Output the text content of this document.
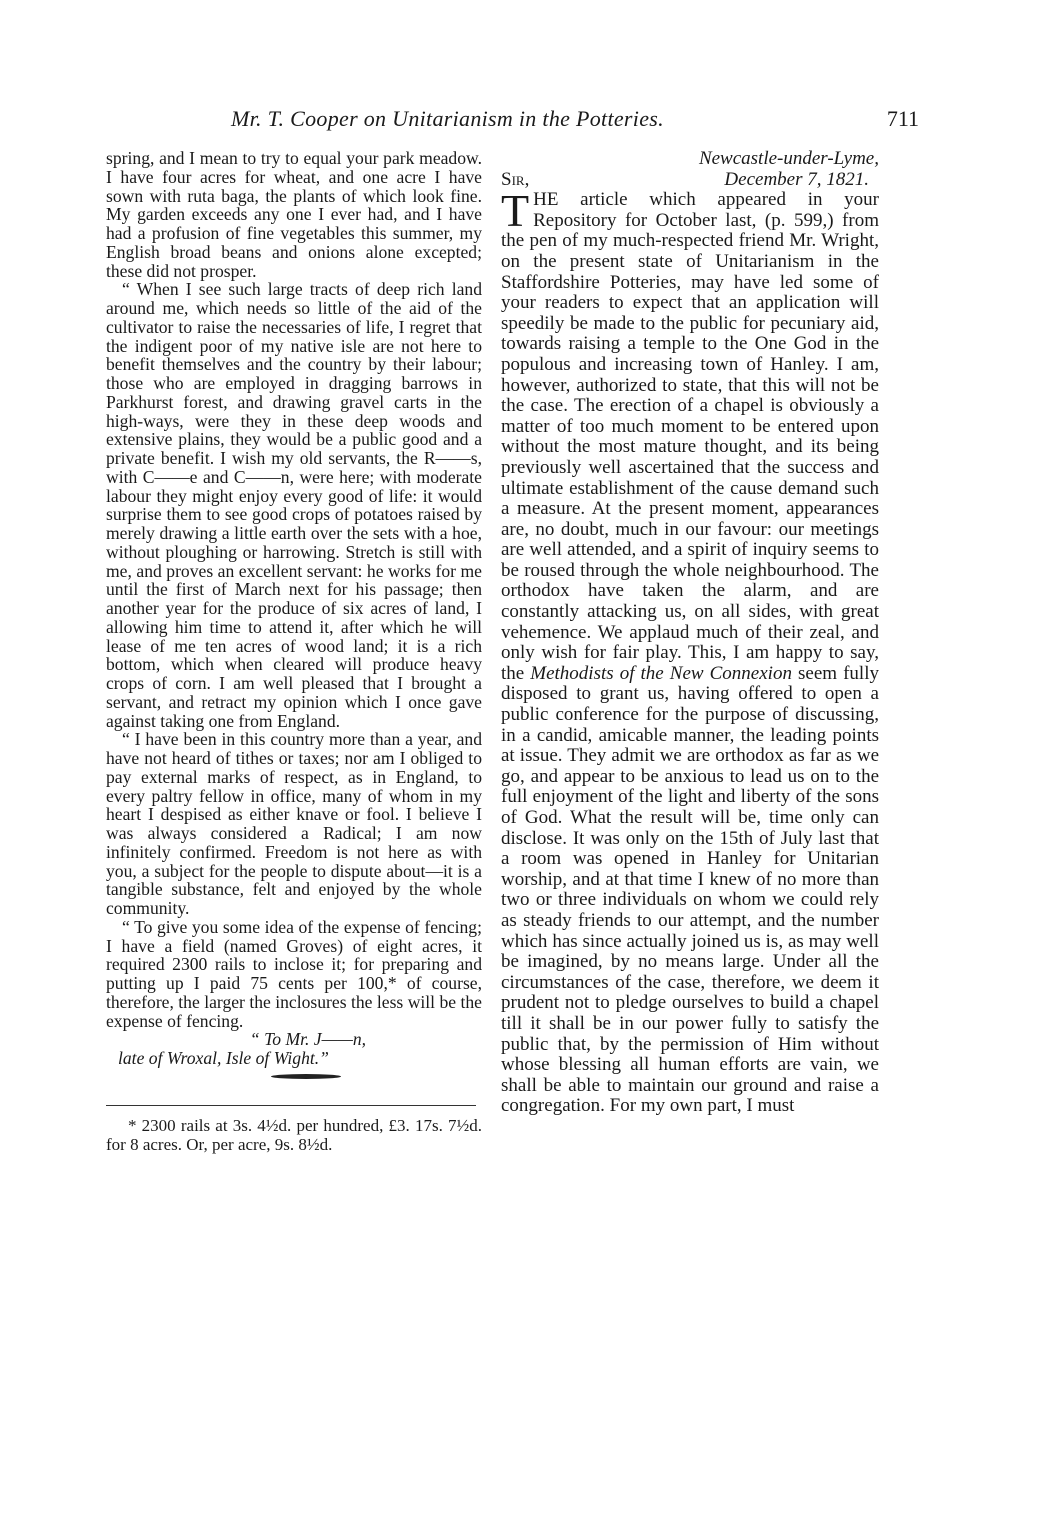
Mr. T. Cooper on Unitarianism in the Potteries.	711

spring, and I mean to try to equal your park meadow. I have four acres for wheat, and one acre I have sown with ruta baga, the plants of which look fine. My garden exceeds any one I ever had, and I have had a profusion of fine vegetables this summer, my English broad beans and onions alone excepted; these did not prosper.

“ When I see such large tracts of deep rich land around me, which needs so little of the aid of the cultivator to raise the necessaries of life, I regret that the indigent poor of my native isle are not here to benefit themselves and the country by their labour; those who are employed in dragging barrows in Parkhurst forest, and drawing gravel carts in the high-ways, were they in these deep woods and extensive plains, they would be a public good and a private benefit. I wish my old servants, the R——s, with C——e and C——n, were here; with moderate labour they might enjoy every good of life: it would surprise them to see good crops of potatoes raised by merely drawing a little earth over the sets with a hoe, without ploughing or harrowing. Stretch is still with me, and proves an excellent servant: he works for me until the first of March next for his passage; then another year for the produce of six acres of land, I allowing him time to attend it, after which he will lease of me ten acres of wood land; it is a rich bottom, which when cleared will produce heavy crops of corn. I am well pleased that I brought a servant, and retract my opinion which I once gave against taking one from England.

“ I have been in this country more than a year, and have not heard of tithes or taxes; nor am I obliged to pay external marks of respect, as in England, to every paltry fellow in office, many of whom in my heart I despised as either knave or fool. I believe I was always considered a Radical; I am now infinitely confirmed. Freedom is not here as with you, a subject for the people to dispute about—it is a tangible substance, felt and enjoyed by the whole community.

“ To give you some idea of the expense of fencing; I have a field (named Groves) of eight acres, it required 2300 rails to inclose it; for preparing and putting up I paid 75 cents per 100,* of course, therefore, the larger the inclosures the less will be the expense of fencing.

“ To Mr. J——n,

late of Wroxal, Isle of Wight.”

* 2300 rails at 3s. 4½d. per hundred, £3. 17s. 7½d. for 8 acres. Or, per acre, 9s. 8½d.

Newcastle-under-Lyme,

Sir,	December 7, 1821.

THE article which appeared in your Repository for October last, (p. 599,) from the pen of my much-respected friend Mr. Wright, on the present state of Unitarianism in the Staffordshire Potteries, may have led some of your readers to expect that an application will speedily be made to the public for pecuniary aid, towards raising a temple to the One God in the populous and increasing town of Hanley. I am, however, authorized to state, that this will not be the case. The erection of a chapel is obviously a matter of too much moment to be entered upon without the most mature thought, and its being previously well ascertained that the success and ultimate establishment of the cause demand such a measure. At the present moment, appearances are, no doubt, much in our favour: our meetings are well attended, and a spirit of inquiry seems to be roused through the whole neighbourhood. The orthodox have taken the alarm, and are constantly attacking us, on all sides, with great vehemence. We applaud much of their zeal, and only wish for fair play. This, I am happy to say, the Methodists of the New Connexion seem fully disposed to grant us, having offered to open a public conference for the purpose of discussing, in a candid, amicable manner, the leading points at issue. They admit we are orthodox as far as we go, and appear to be anxious to lead us on to the full enjoyment of the light and liberty of the sons of God. What the result will be, time only can disclose. It was only on the 15th of July last that a room was opened in Hanley for Unitarian worship, and at that time I knew of no more than two or three individuals on whom we could rely as steady friends to our attempt, and the number which has since actually joined us is, as may well be imagined, by no means large. Under all the circumstances of the case, therefore, we deem it prudent not to pledge ourselves to build a chapel till it shall be in our power fully to satisfy the public that, by the permission of Him without whose blessing all human efforts are vain, we shall be able to maintain our ground and raise a congregation. For my own part, I must
